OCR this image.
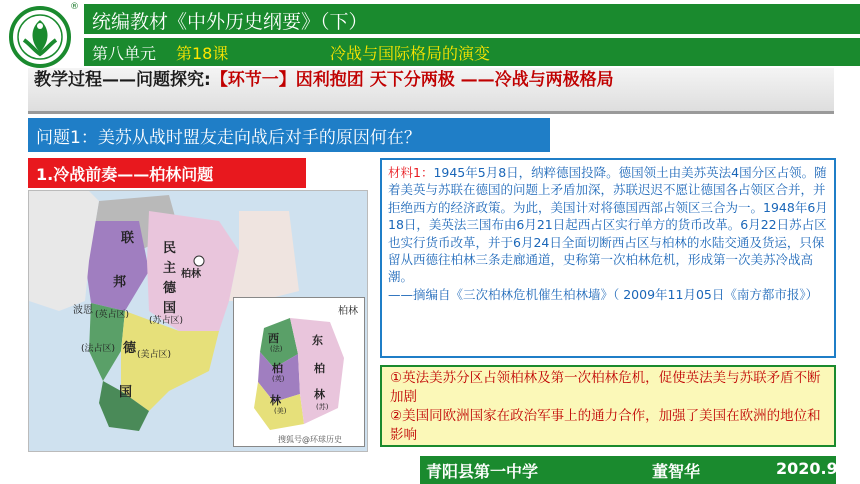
®
统编教材《中外历史纲要》（下）
第八单元 第18课	冷战与国际格局的演变
教学过程——问题探究:【环节一】因利抱团 天下分两极 ——冷战与两极格局
问题1：美苏从战时盟友走向战后对手的原因何在？
1.冷战前奏——柏林问题
联
邦
德
国
民
主
德
国
柏林
波恩 (英占区)
(美占区)
(法占区)
(苏占区)
柏林
西
(法)
柏
(英)
林
(美)
东
柏
林
(苏)
搜狐号@环球历史
材料1：1945年5月8日，纳粹德国投降。德国领土由美苏英法4国分区占领。随着美英与苏联在德国的问题上矛盾加深，苏联迟迟不愿让德国各占领区合并，并拒绝西方的经济政策。为此，美国计对将德国西部占领区三合为一。1948年6月18日，美英法三国布由6月21日起西占区实行单方的货币改革。6月22日苏占区也实行货币改革，并于6月24日全面切断西占区与柏林的水陆交通及货运，只保留从西德往柏林三条走廊通道，史称第一次柏林危机，形成第一次美苏冷战高潮。
——摘编自《三次柏林危机催生柏林墙》（ 2009年11月05日《南方都市报》）
①英法美苏分区占领柏林及第一次柏林危机，促使英法美与苏联矛盾不断加剧
②美国同欧洲国家在政治军事上的通力合作，加强了美国在欧洲的地位和影响
青阳县第一中学	董智华	2020.9
